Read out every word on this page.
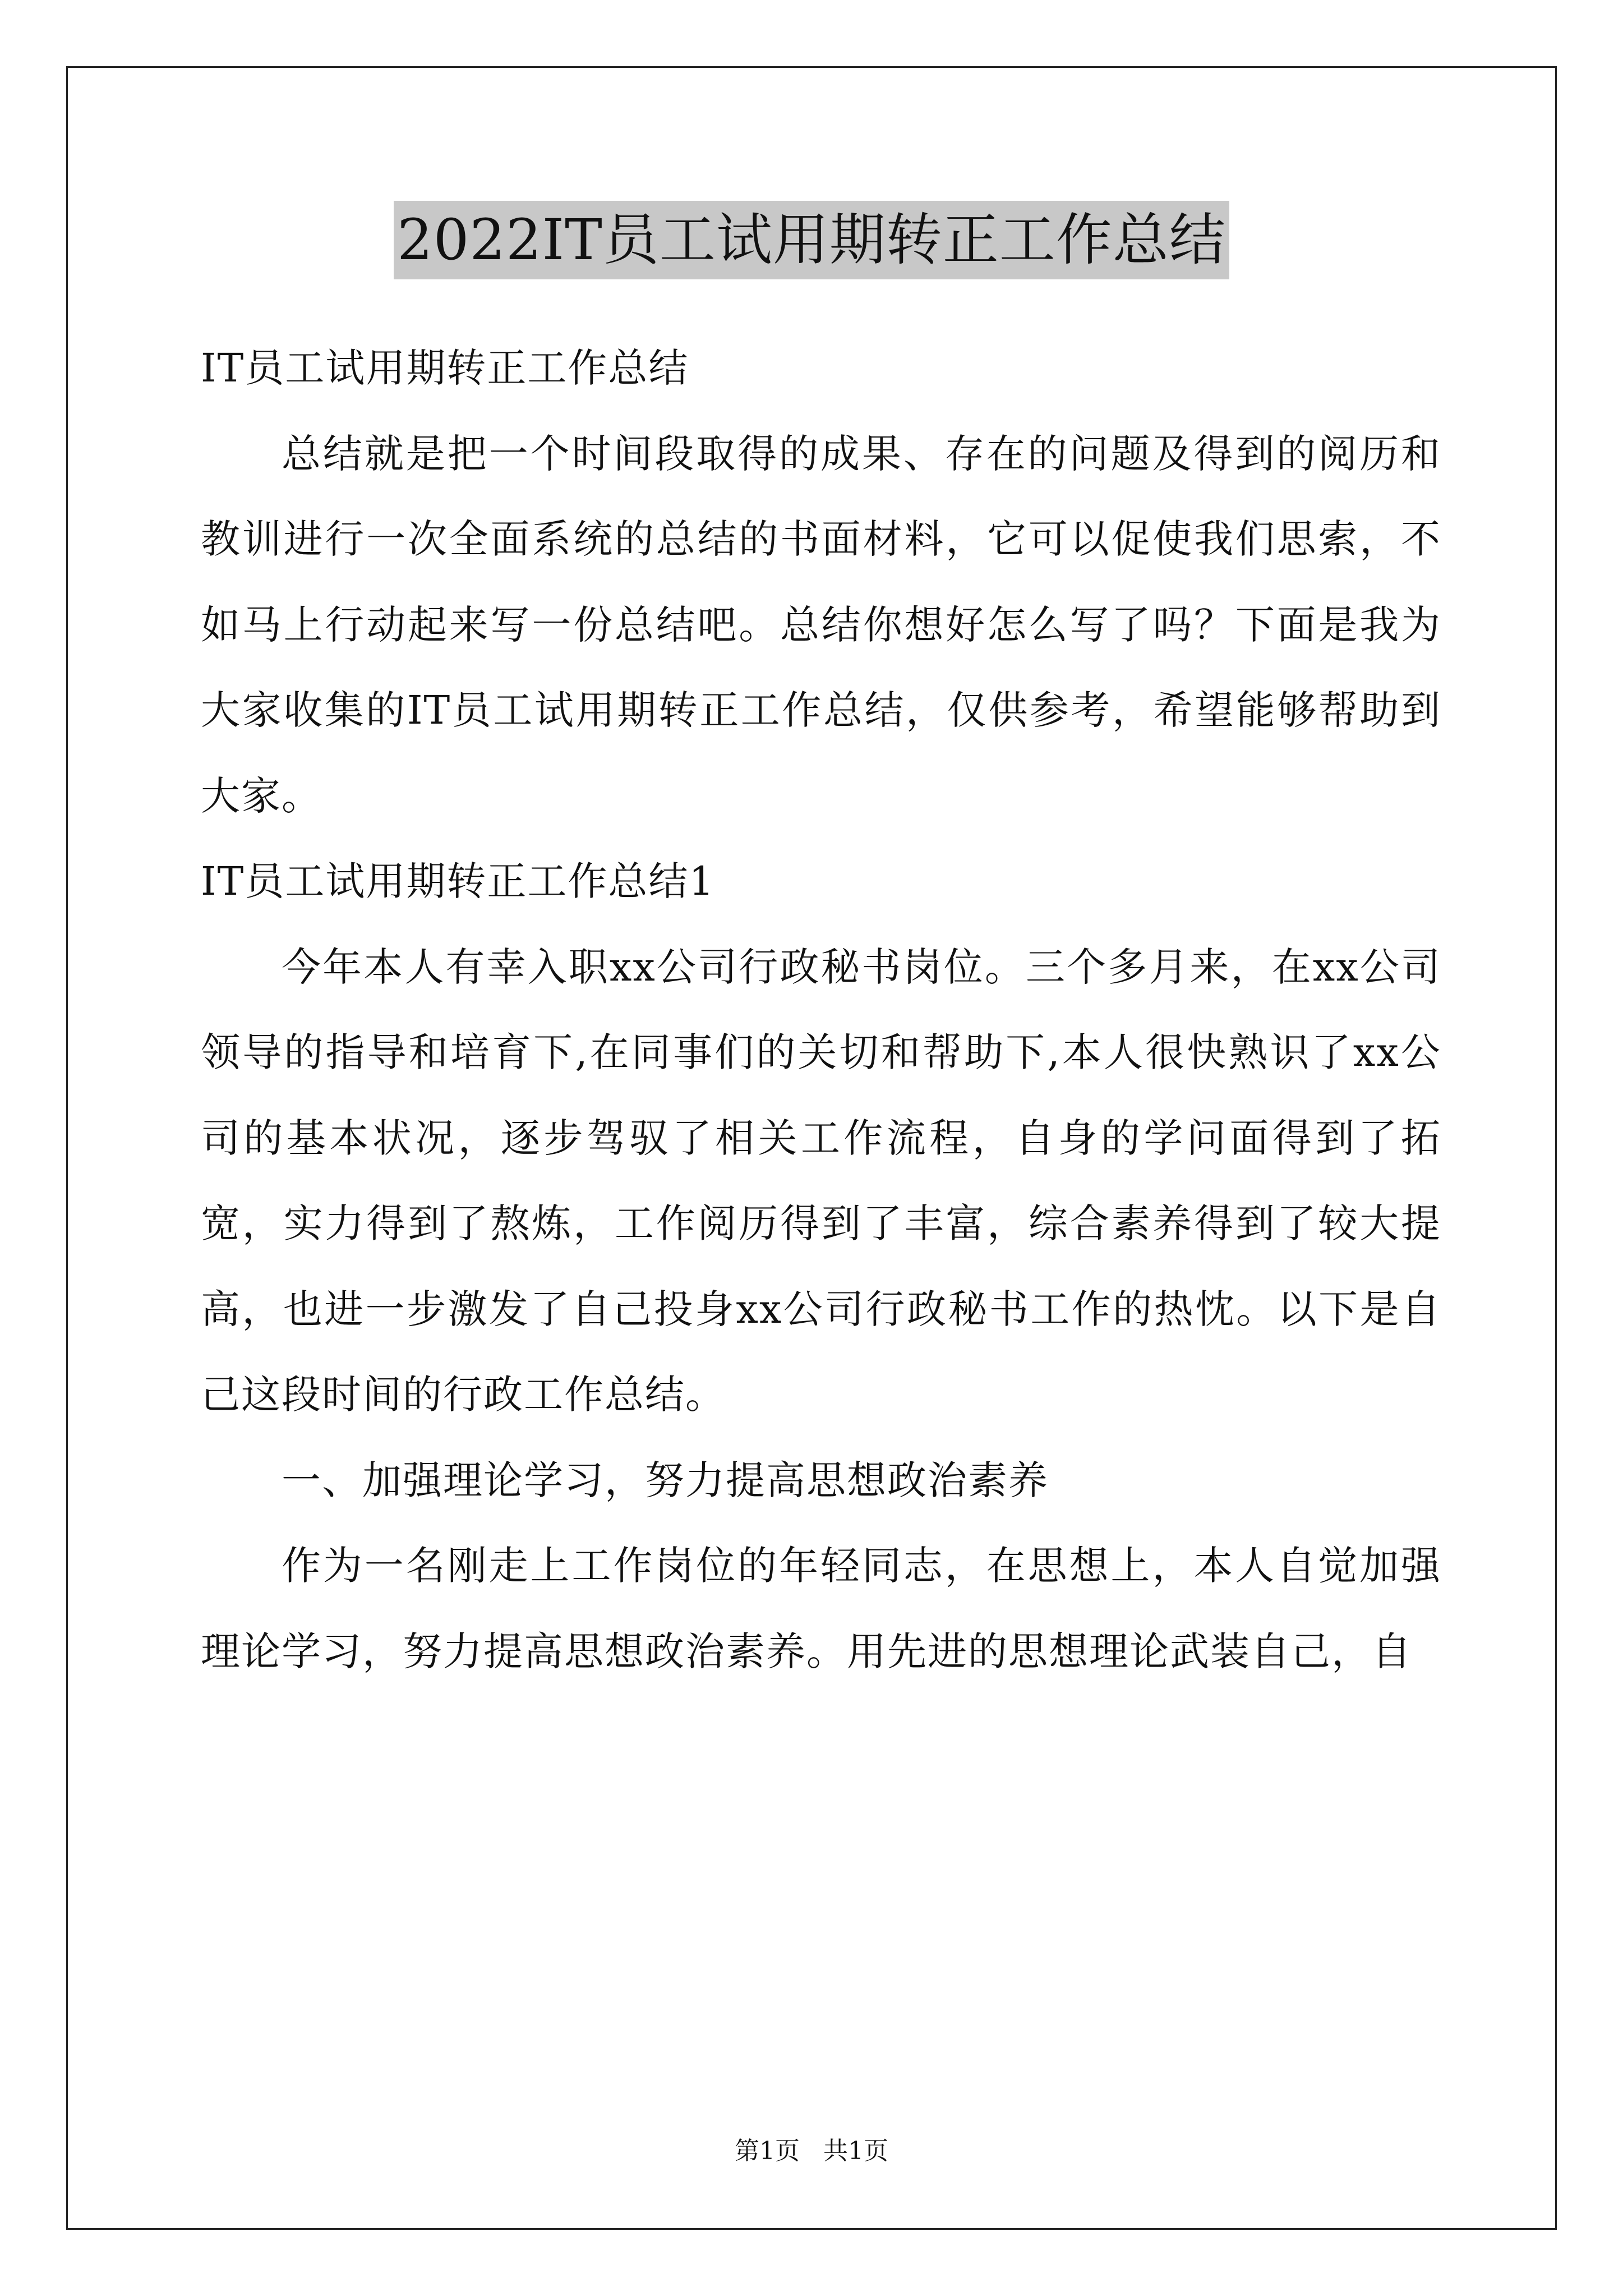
2022IT员工试用期转正工作总结

IT员工试用期转正工作总结

总结就是把一个时间段取得的成果、存在的问题及得到的阅历和教训进行一次全面系统的总结的书面材料，它可以促使我们思索，不如马上行动起来写一份总结吧。总结你想好怎么写了吗？下面是我为大家收集的IT员工试用期转正工作总结，仅供参考，希望能够帮助到大家。

IT员工试用期转正工作总结1

今年本人有幸入职xx公司行政秘书岗位。三个多月来，在xx公司领导的指导和培育下,在同事们的关切和帮助下,本人很快熟识了xx公司的基本状况，逐步驾驭了相关工作流程，自身的学问面得到了拓宽，实力得到了熬炼，工作阅历得到了丰富，综合素养得到了较大提高，也进一步激发了自己投身xx公司行政秘书工作的热忱。以下是自己这段时间的行政工作总结。

一、加强理论学习，努力提高思想政治素养

作为一名刚走上工作岗位的年轻同志，在思想上，本人自觉加强理论学习，努力提高思想政治素养。用先进的思想理论武装自己，自

第1页 共1页
